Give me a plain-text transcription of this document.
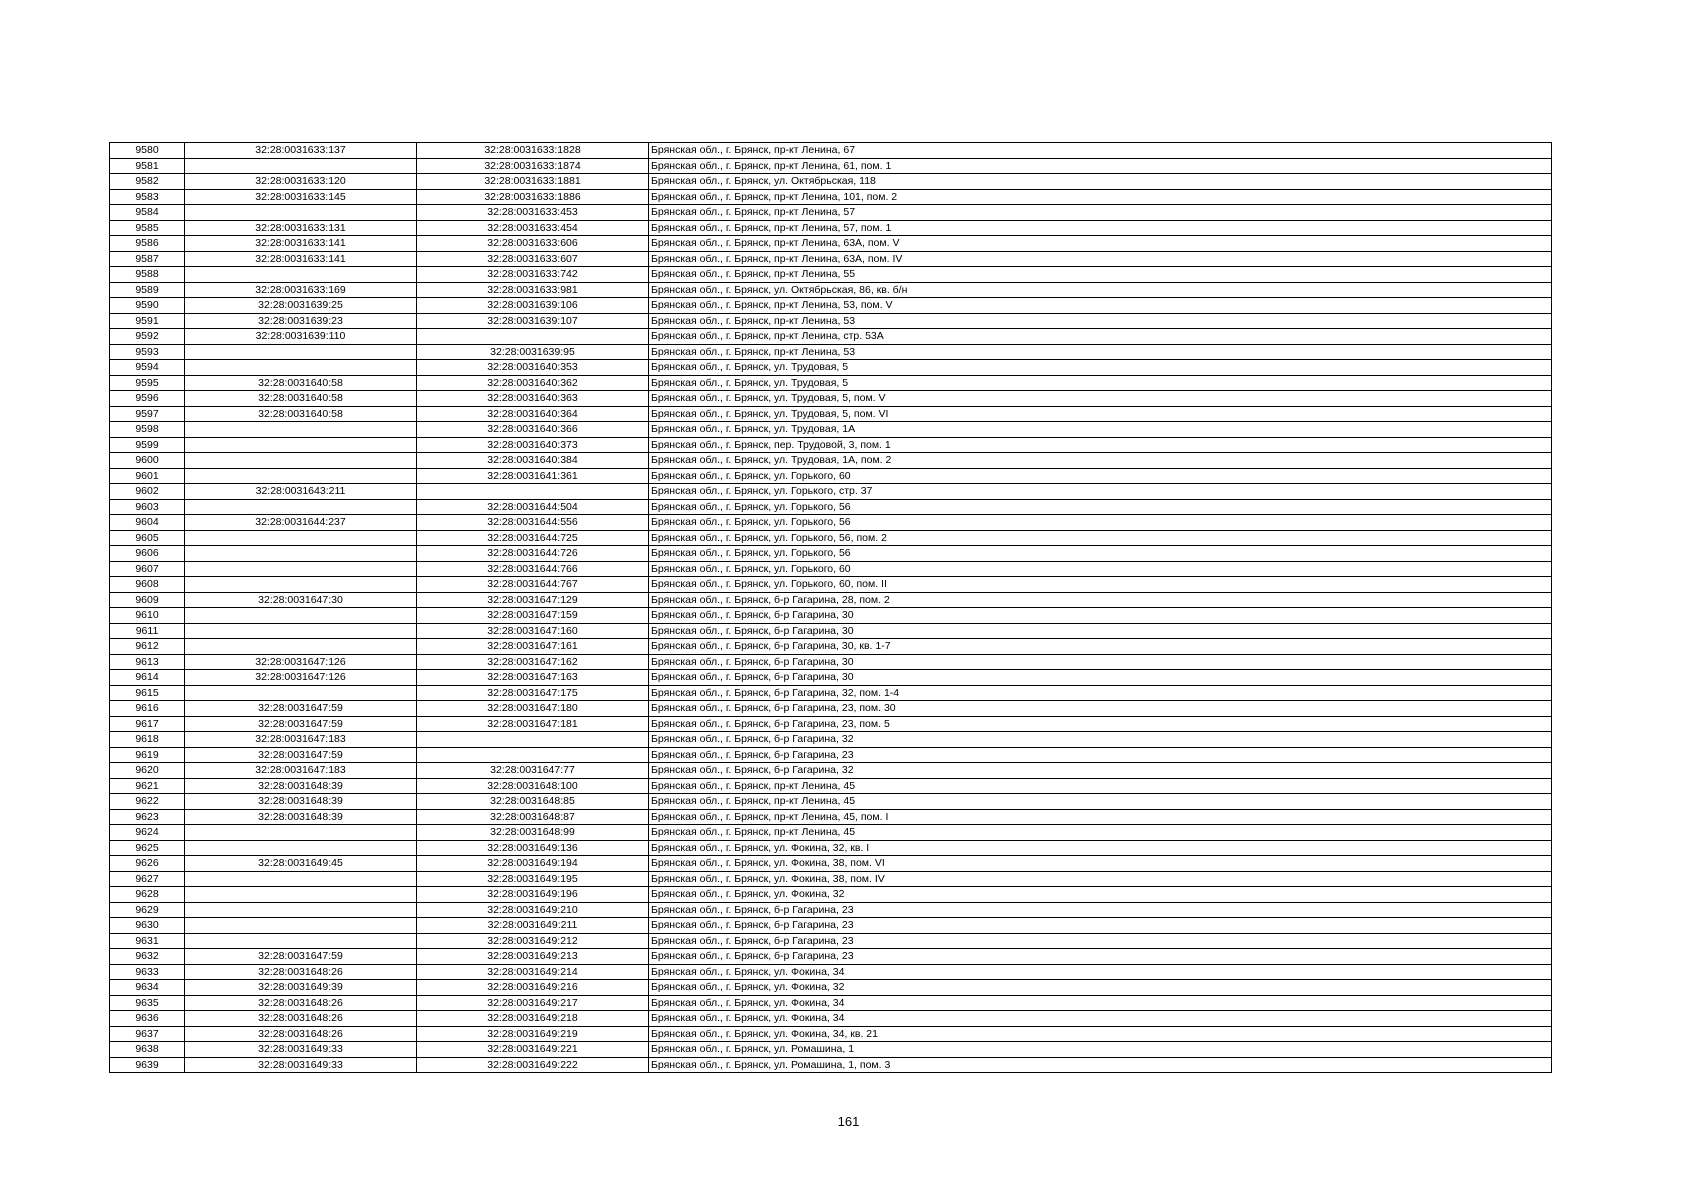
9580	32:28:0031633:137	32:28:0031633:1828	Брянская обл., г. Брянск, пр-кт Ленина, 67
9581		32:28:0031633:1874	Брянская обл., г. Брянск, пр-кт Ленина, 61, пом. 1
9582	32:28:0031633:120	32:28:0031633:1881	Брянская обл., г. Брянск, ул. Октябрьская, 118
9583	32:28:0031633:145	32:28:0031633:1886	Брянская обл., г. Брянск, пр-кт Ленина, 101, пом. 2
9584		32:28:0031633:453	Брянская обл., г. Брянск, пр-кт Ленина, 57
9585	32:28:0031633:131	32:28:0031633:454	Брянская обл., г. Брянск, пр-кт Ленина, 57, пом. 1
9586	32:28:0031633:141	32:28:0031633:606	Брянская обл., г. Брянск, пр-кт Ленина, 63А, пом. V
9587	32:28:0031633:141	32:28:0031633:607	Брянская обл., г. Брянск, пр-кт Ленина, 63А, пом. IV
9588		32:28:0031633:742	Брянская обл., г. Брянск, пр-кт Ленина, 55
9589	32:28:0031633:169	32:28:0031633:981	Брянская обл., г. Брянск, ул. Октябрьская, 86, кв. б/н
9590	32:28:0031639:25	32:28:0031639:106	Брянская обл., г. Брянск, пр-кт Ленина, 53, пом. V
9591	32:28:0031639:23	32:28:0031639:107	Брянская обл., г. Брянск, пр-кт Ленина, 53
9592	32:28:0031639:110		Брянская обл., г. Брянск, пр-кт Ленина, стр. 53А
9593		32:28:0031639:95	Брянская обл., г. Брянск, пр-кт Ленина, 53
9594		32:28:0031640:353	Брянская обл., г. Брянск, ул. Трудовая, 5
9595	32:28:0031640:58	32:28:0031640:362	Брянская обл., г. Брянск, ул. Трудовая, 5
9596	32:28:0031640:58	32:28:0031640:363	Брянская обл., г. Брянск, ул. Трудовая, 5, пом. V
9597	32:28:0031640:58	32:28:0031640:364	Брянская обл., г. Брянск, ул. Трудовая, 5, пом. VI
9598		32:28:0031640:366	Брянская обл., г. Брянск, ул. Трудовая, 1А
9599		32:28:0031640:373	Брянская обл., г. Брянск, пер. Трудовой, 3, пом. 1
9600		32:28:0031640:384	Брянская обл., г. Брянск, ул. Трудовая, 1А, пом. 2
9601		32:28:0031641:361	Брянская обл., г. Брянск, ул. Горького, 60
9602	32:28:0031643:211		Брянская обл., г. Брянск, ул. Горького, стр. 37
9603		32:28:0031644:504	Брянская обл., г. Брянск, ул. Горького, 56
9604	32:28:0031644:237	32:28:0031644:556	Брянская обл., г. Брянск, ул. Горького, 56
9605		32:28:0031644:725	Брянская обл., г. Брянск, ул. Горького, 56, пом. 2
9606		32:28:0031644:726	Брянская обл., г. Брянск, ул. Горького, 56
9607		32:28:0031644:766	Брянская обл., г. Брянск, ул. Горького, 60
9608		32:28:0031644:767	Брянская обл., г. Брянск, ул. Горького, 60, пом. II
9609	32:28:0031647:30	32:28:0031647:129	Брянская обл., г. Брянск, б-р Гагарина, 28, пом. 2
9610		32:28:0031647:159	Брянская обл., г. Брянск, б-р Гагарина, 30
9611		32:28:0031647:160	Брянская обл., г. Брянск, б-р Гагарина, 30
9612		32:28:0031647:161	Брянская обл., г. Брянск, б-р Гагарина, 30, кв. 1-7
9613	32:28:0031647:126	32:28:0031647:162	Брянская обл., г. Брянск, б-р Гагарина, 30
9614	32:28:0031647:126	32:28:0031647:163	Брянская обл., г. Брянск, б-р Гагарина, 30
9615		32:28:0031647:175	Брянская обл., г. Брянск, б-р Гагарина, 32, пом. 1-4
9616	32:28:0031647:59	32:28:0031647:180	Брянская обл., г. Брянск, б-р Гагарина, 23, пом. 30
9617	32:28:0031647:59	32:28:0031647:181	Брянская обл., г. Брянск, б-р Гагарина, 23, пом. 5
9618	32:28:0031647:183		Брянская обл., г. Брянск, б-р Гагарина, 32
9619	32:28:0031647:59		Брянская обл., г. Брянск, б-р Гагарина, 23
9620	32:28:0031647:183	32:28:0031647:77	Брянская обл., г. Брянск, б-р Гагарина, 32
9621	32:28:0031648:39	32:28:0031648:100	Брянская обл., г. Брянск, пр-кт Ленина, 45
9622	32:28:0031648:39	32:28:0031648:85	Брянская обл., г. Брянск, пр-кт Ленина, 45
9623	32:28:0031648:39	32:28:0031648:87	Брянская обл., г. Брянск, пр-кт Ленина, 45, пом. I
9624		32:28:0031648:99	Брянская обл., г. Брянск, пр-кт Ленина, 45
9625		32:28:0031649:136	Брянская обл., г. Брянск, ул. Фокина, 32, кв. I
9626	32:28:0031649:45	32:28:0031649:194	Брянская обл., г. Брянск, ул. Фокина, 38, пом. VI
9627		32:28:0031649:195	Брянская обл., г. Брянск, ул. Фокина, 38, пом. IV
9628		32:28:0031649:196	Брянская обл., г. Брянск, ул. Фокина, 32
9629		32:28:0031649:210	Брянская обл., г. Брянск, б-р Гагарина, 23
9630		32:28:0031649:211	Брянская обл., г. Брянск, б-р Гагарина, 23
9631		32:28:0031649:212	Брянская обл., г. Брянск, б-р Гагарина, 23
9632	32:28:0031647:59	32:28:0031649:213	Брянская обл., г. Брянск, б-р Гагарина, 23
9633	32:28:0031648:26	32:28:0031649:214	Брянская обл., г. Брянск, ул. Фокина, 34
9634	32:28:0031649:39	32:28:0031649:216	Брянская обл., г. Брянск, ул. Фокина, 32
9635	32:28:0031648:26	32:28:0031649:217	Брянская обл., г. Брянск, ул. Фокина, 34
9636	32:28:0031648:26	32:28:0031649:218	Брянская обл., г. Брянск, ул. Фокина, 34
9637	32:28:0031648:26	32:28:0031649:219	Брянская обл., г. Брянск, ул. Фокина, 34, кв. 21
9638	32:28:0031649:33	32:28:0031649:221	Брянская обл., г. Брянск, ул. Ромашина, 1
9639	32:28:0031649:33	32:28:0031649:222	Брянская обл., г. Брянск, ул. Ромашина, 1, пом. 3
161
